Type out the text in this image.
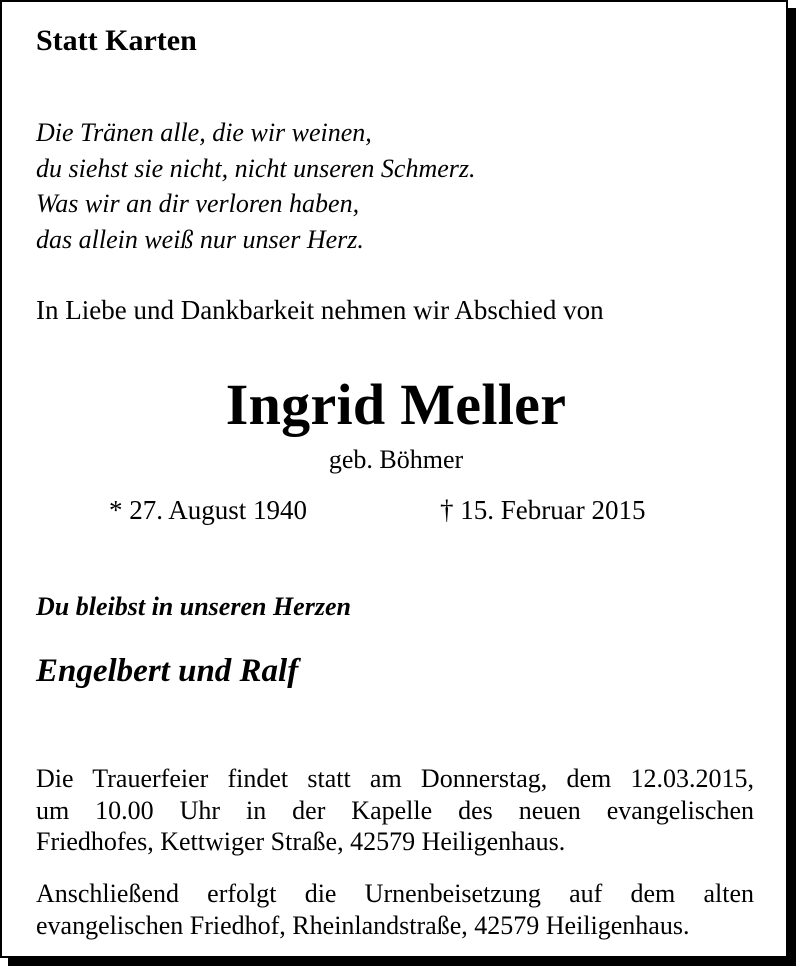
Statt Karten

Die Tränen alle, die wir weinen,
du siehst sie nicht, nicht unseren Schmerz.
Was wir an dir verloren haben,
das allein weiß nur unser Herz.

In Liebe und Dankbarkeit nehmen wir Abschied von

Ingrid Meller

geb. Böhmer

* 27. August 1940	† 15. Februar 2015

Du bleibst in unseren Herzen

Engelbert und Ralf

Die Trauerfeier findet statt am Donnerstag, dem 12.03.2015,
um 10.00 Uhr in der Kapelle des neuen evangelischen
Friedhofes, Kettwiger Straße, 42579 Heiligenhaus.
Anschließend erfolgt die Urnenbeisetzung auf dem alten
evangelischen Friedhof, Rheinlandstraße, 42579 Heiligenhaus.
